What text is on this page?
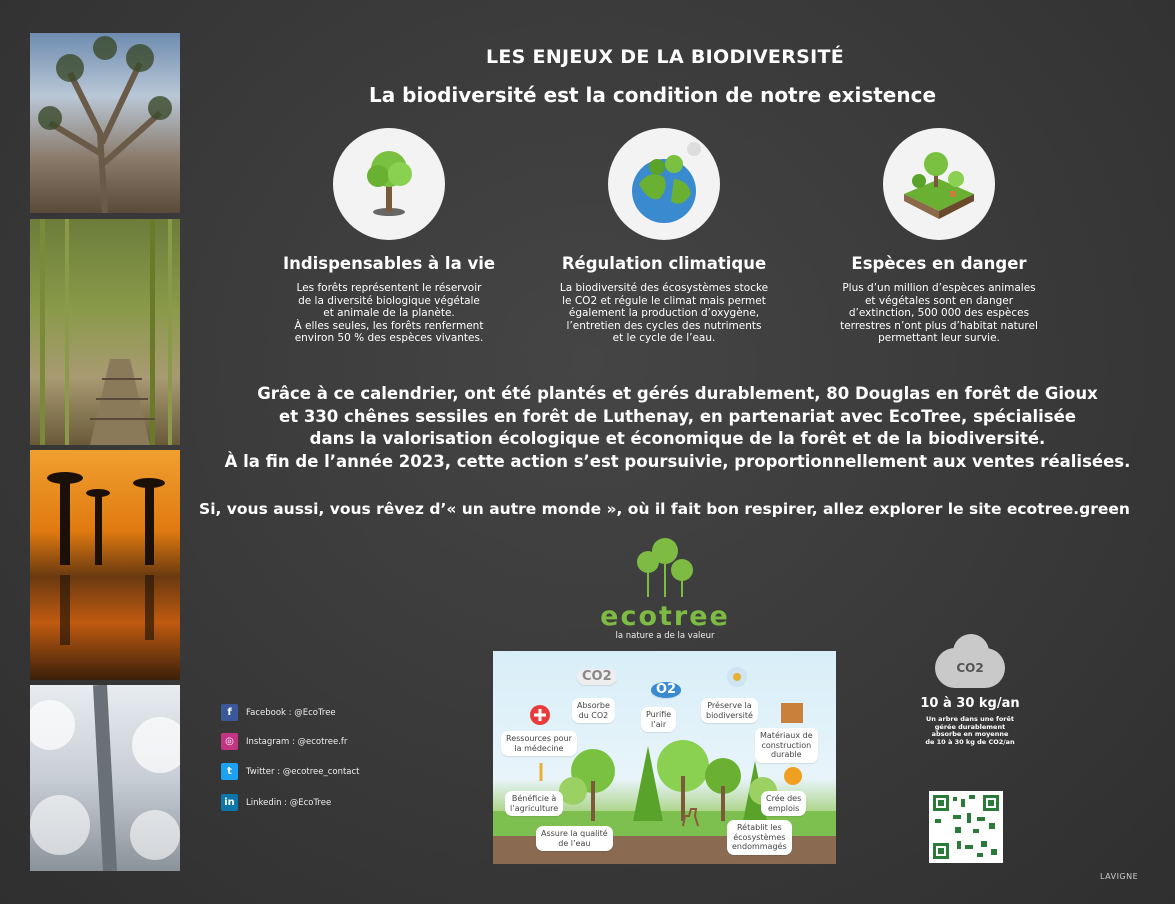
LES ENJEUX DE LA BIODIVERSITÉ
La biodiversité est la condition de notre existence
Indispensables à la vie
Les forêts représentent le réservoir
de la diversité biologique végétale
et animale de la planète.
À elles seules, les forêts renferment
environ 50 % des espèces vivantes.
Régulation climatique
La biodiversité des écosystèmes stocke
le CO2 et régule le climat mais permet
également la production d’oxygène,
l’entretien des cycles des nutriments
et le cycle de l’eau.
Espèces en danger
Plus d’un million d’espèces animales
et végétales sont en danger
d’extinction, 500 000 des espèces
terrestres n’ont plus d’habitat naturel
permettant leur survie.
Grâce à ce calendrier, ont été plantés et gérés durablement, 80 Douglas en forêt de Gioux
et 330 chênes sessiles en forêt de Luthenay, en partenariat avec EcoTree, spécialisée
dans la valorisation écologique et économique de la forêt et de la biodiversité.
À la fin de l’année 2023, cette action s’est poursuivie, proportionnellement aux ventes réalisées.
Si, vous aussi, vous rêvez d’« un autre monde », où il fait bon respirer, allez explorer le site ecotree.green
ecotree
la nature a de la valeur
f	Facebook : @EcoTree
◎	Instagram : @ecotree.fr
t	Twitter : @ecotree_contact
in	Linkedin : @EcoTree
CO2
O2
Absorbe
du CO2	Purifie
l’air
Préserve la
biodiversité
Ressources pour
la médecine
Matériaux de
construction
durable
Bénéficie à
l’agriculture
Crée des
emplois
Assure la qualité
de l’eau
Rétablit les
écosystèmes
endommagés
CO2
10 à 30 kg/an
Un arbre dans une forêt
gérée durablement
absorbe en moyenne
de 10 à 30 kg de CO2/an
LAVIGNE
